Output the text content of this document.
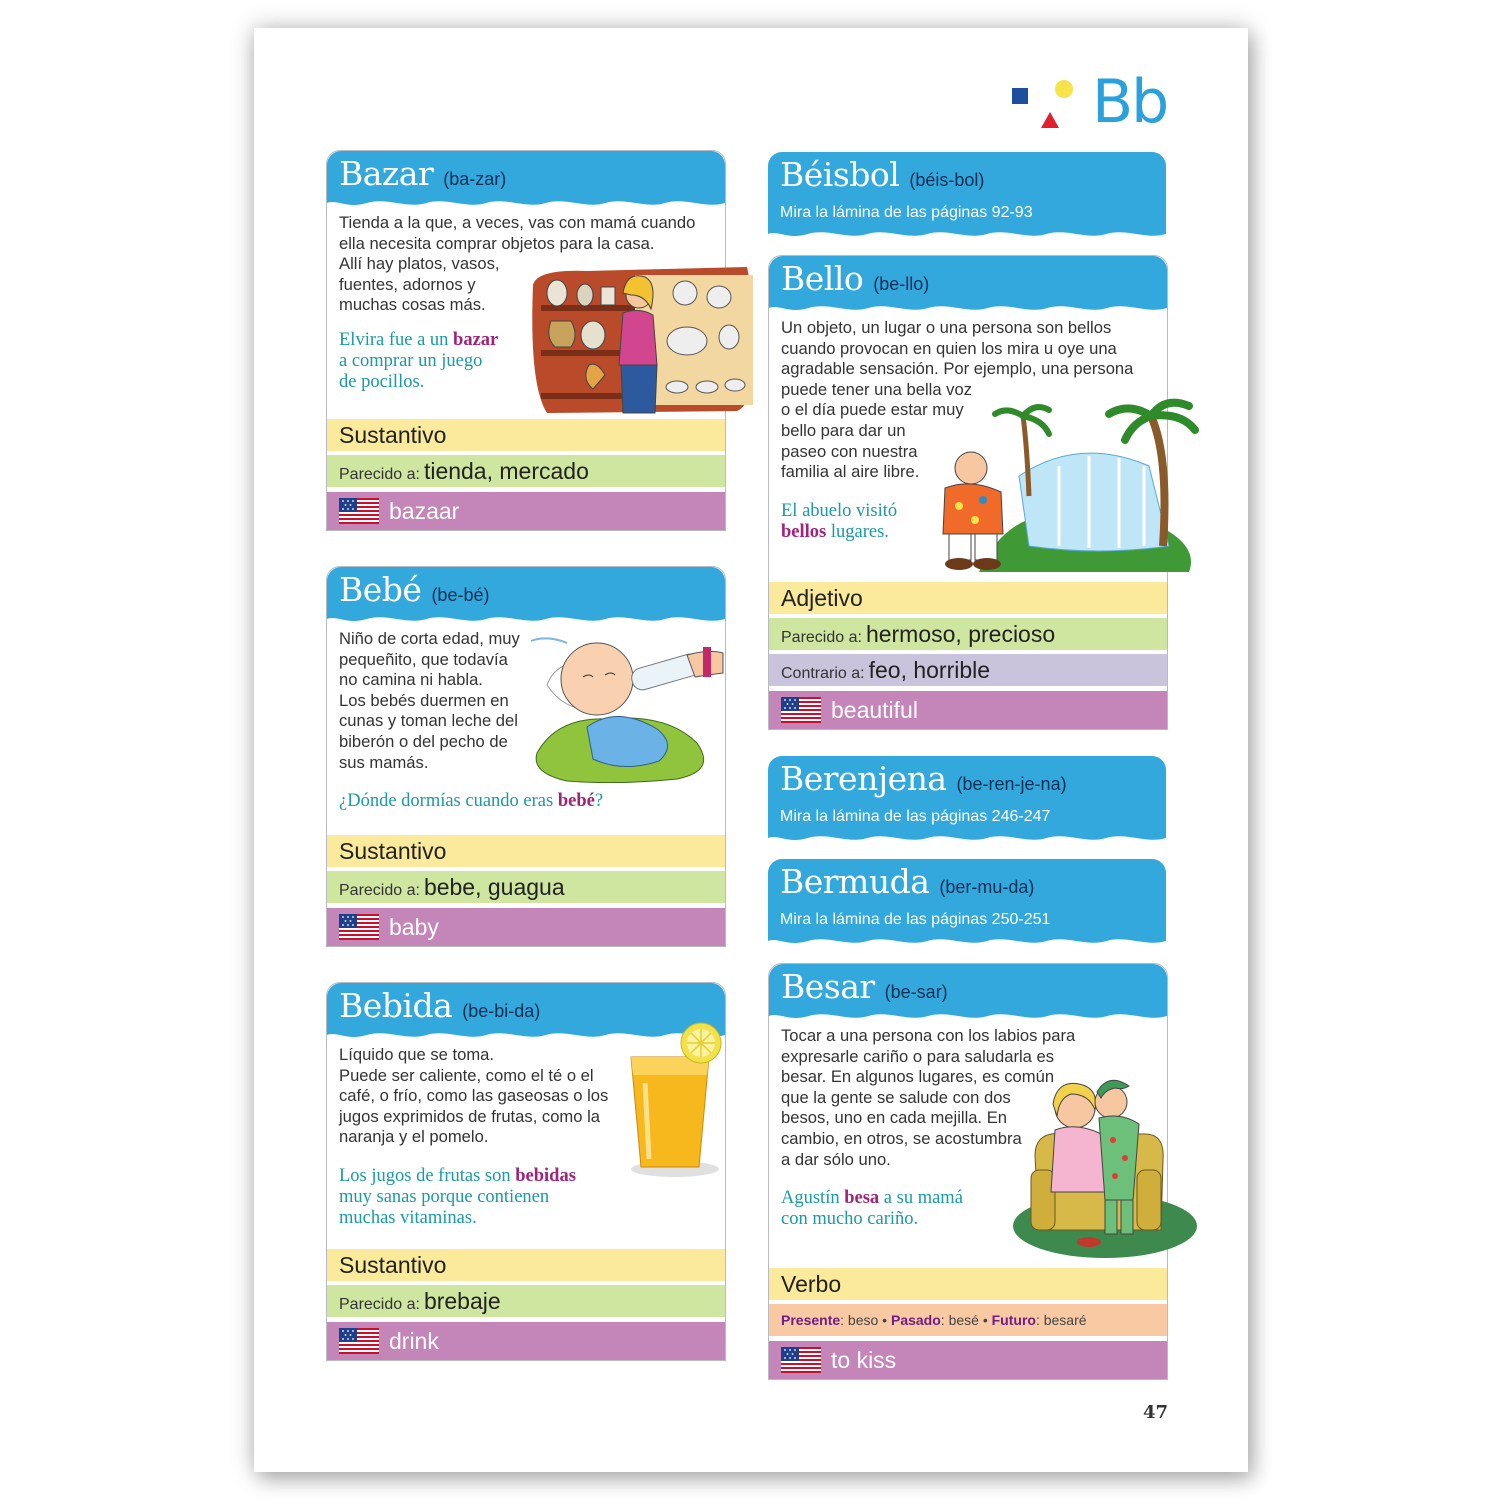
Bb
Bazar (ba-zar)

Tienda a la que, a veces, vas con mamá cuando
ella necesita comprar objetos para la casa.
Allí hay platos, vasos,
fuentes, adornos y
muchas cosas más.

Elvira fue a un bazar
a comprar un juego
de pocillos.

Sustantivo
Parecido a: tienda, mercado
bazaar
Bebé (be-bé)

Niño de corta edad, muy
pequeñito, que todavía
no camina ni habla.
Los bebés duermen en
cunas y toman leche del
biberón o del pecho de
sus mamás.

¿Dónde dormías cuando eras bebé?

Sustantivo
Parecido a: bebe, guagua
baby
Bebida (be-bi-da)

Líquido que se toma.
Puede ser caliente, como el té o el
café, o frío, como las gaseosas o los
jugos exprimidos de frutas, como la
naranja y el pomelo.

Los jugos de frutas son bebidas
muy sanas porque contienen
muchas vitaminas.

Sustantivo
Parecido a: brebaje
drink
Béisbol (béis-bol)
Mira la lámina de las páginas 92-93
Bello (be-llo)

Un objeto, un lugar o una persona son bellos
cuando provocan en quien los mira u oye una
agradable sensación. Por ejemplo, una persona
puede tener una bella voz
o el día puede estar muy
bello para dar un
paseo con nuestra
familia al aire libre.

El abuelo visitó
bellos lugares.

Adjetivo
Parecido a: hermoso, precioso
Contrario a: feo, horrible
beautiful
Berenjena (be-ren-je-na)
Mira la lámina de las páginas 246-247
Bermuda (ber-mu-da)
Mira la lámina de las páginas 250-251
Besar (be-sar)

Tocar a una persona con los labios para
expresarle cariño o para saludarla es
besar. En algunos lugares, es común
que la gente se salude con dos
besos, uno en cada mejilla. En
cambio, en otros, se acostumbra
a dar sólo uno.

Agustín besa a su mamá
con mucho cariño.

Verbo
Presente: beso • Pasado: besé • Futuro: besaré
to kiss
47
